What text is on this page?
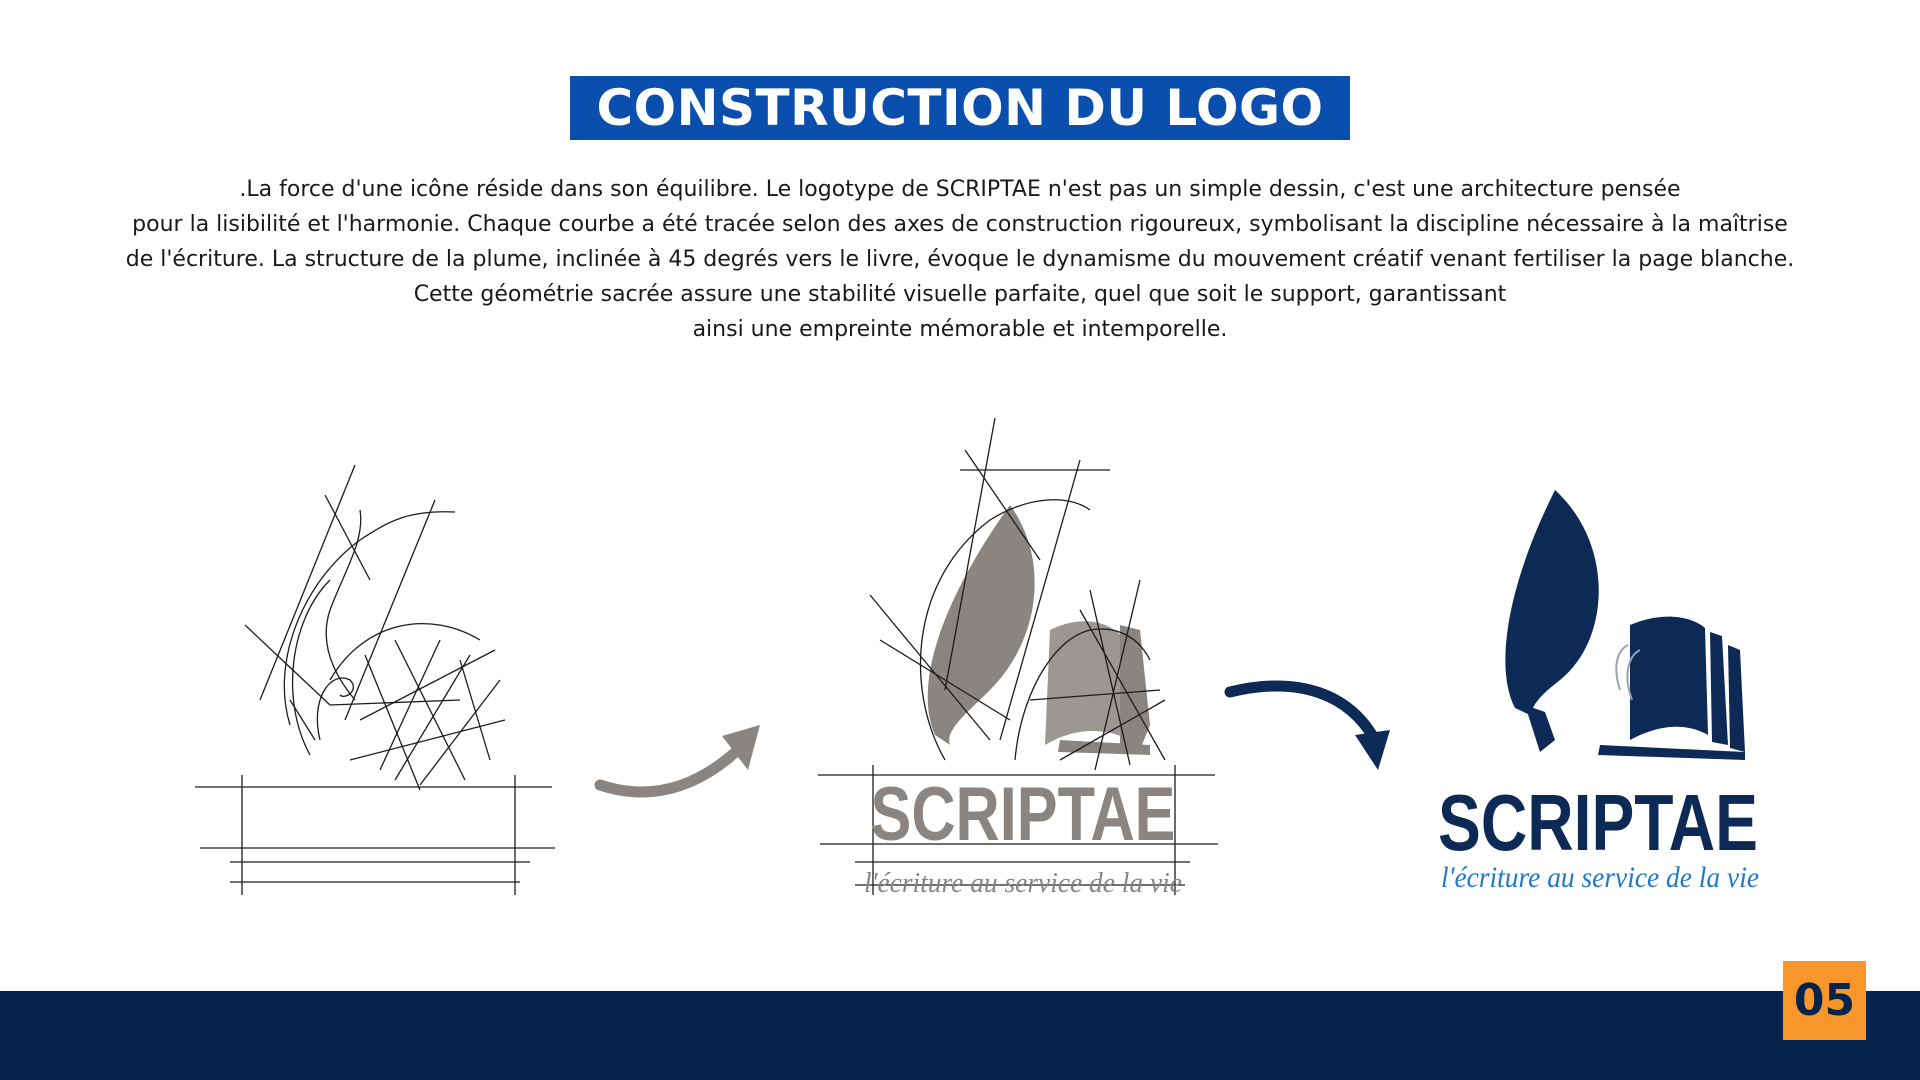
CONSTRUCTION DU LOGO

.La force d'une icône réside dans son équilibre. Le logotype de SCRIPTAE n'est pas un simple dessin, c'est une architecture pensée
pour la lisibilité et l'harmonie. Chaque courbe a été tracée selon des axes de construction rigoureux, symbolisant la discipline nécessaire à la maîtrise
de l'écriture. La structure de la plume, inclinée à 45 degrés vers le livre, évoque le dynamisme du mouvement créatif venant fertiliser la page blanche.
Cette géométrie sacrée assure une stabilité visuelle parfaite, quel que soit le support, garantissant
ainsi une empreinte mémorable et intemporelle.

SCRIPTAE
l'écriture au service de la vie
SCRIPTAE
l'écriture au service de la vie
05
